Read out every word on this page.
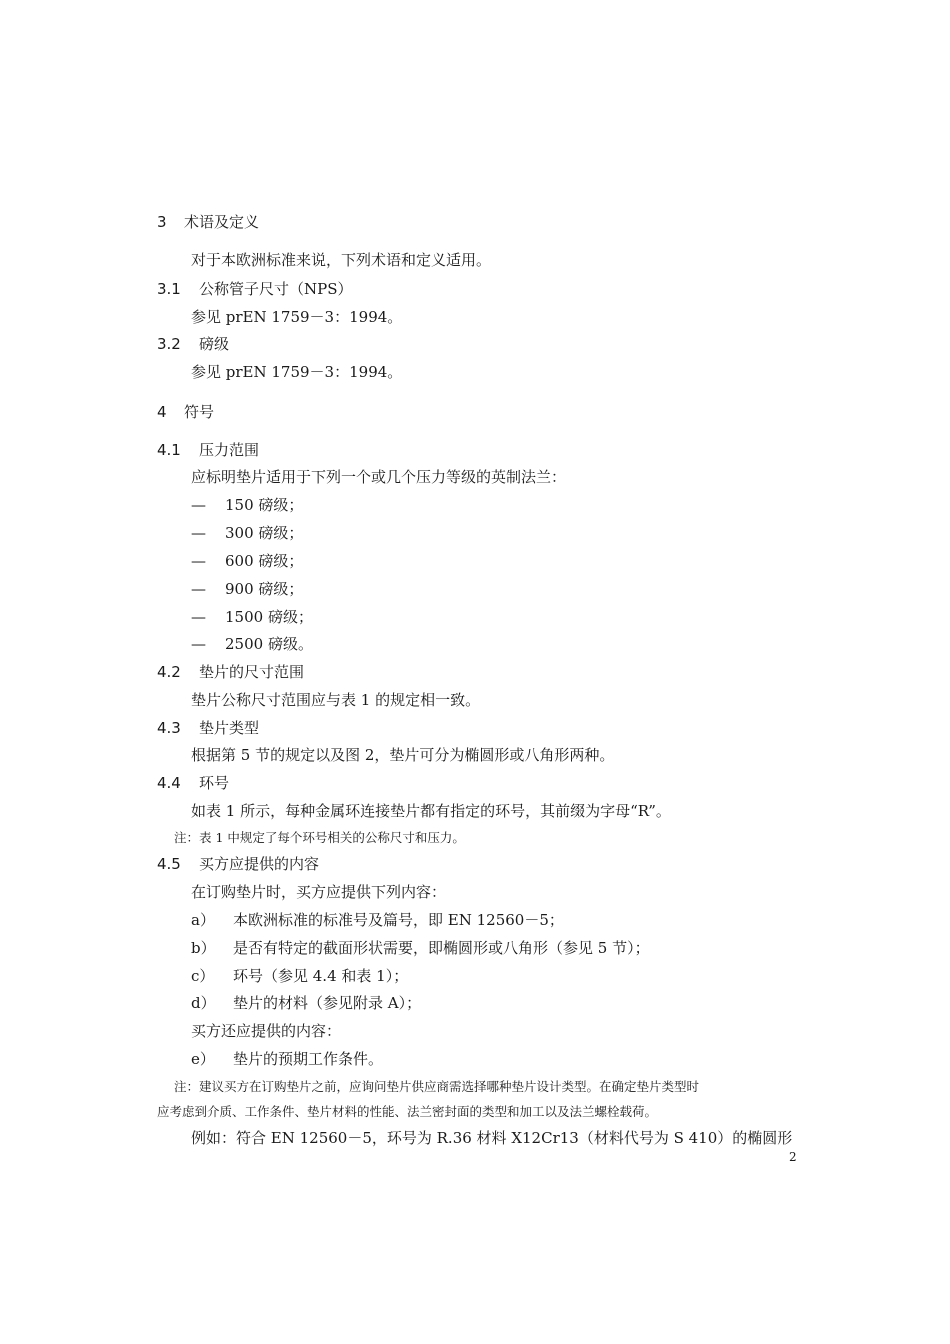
3 术语及定义
对于本欧洲标准来说，下列术语和定义适用。
3.1 公称管子尺寸（NPS）
参见 prEN 1759－3：1994。
3.2 磅级
参见 prEN 1759－3：1994。
4 符号
4.1 压力范围
应标明垫片适用于下列一个或几个压力等级的英制法兰：
— 150 磅级；
— 300 磅级；
— 600 磅级；
— 900 磅级；
— 1500 磅级；
— 2500 磅级。
4.2 垫片的尺寸范围
垫片公称尺寸范围应与表 1 的规定相一致。
4.3 垫片类型
根据第 5 节的规定以及图 2，垫片可分为椭圆形或八角形两种。
4.4 环号
如表 1 所示，每种金属环连接垫片都有指定的环号，其前缀为字母“R”。
注：表 1 中规定了每个环号相关的公称尺寸和压力。
4.5 买方应提供的内容
在订购垫片时，买方应提供下列内容：
a） 本欧洲标准的标准号及篇号，即 EN 12560－5；
b） 是否有特定的截面形状需要，即椭圆形或八角形（参见 5 节）；
c） 环号（参见 4.4 和表 1）；
d） 垫片的材料（参见附录 A）；
买方还应提供的内容：
e） 垫片的预期工作条件。
注：建议买方在订购垫片之前，应询问垫片供应商需选择哪种垫片设计类型。在确定垫片类型时
应考虑到介质、工作条件、垫片材料的性能、法兰密封面的类型和加工以及法兰螺栓载荷。
例如：符合 EN 12560－5，环号为 R.36 材料 X12Cr13（材料代号为 S 410）的椭圆形
2
